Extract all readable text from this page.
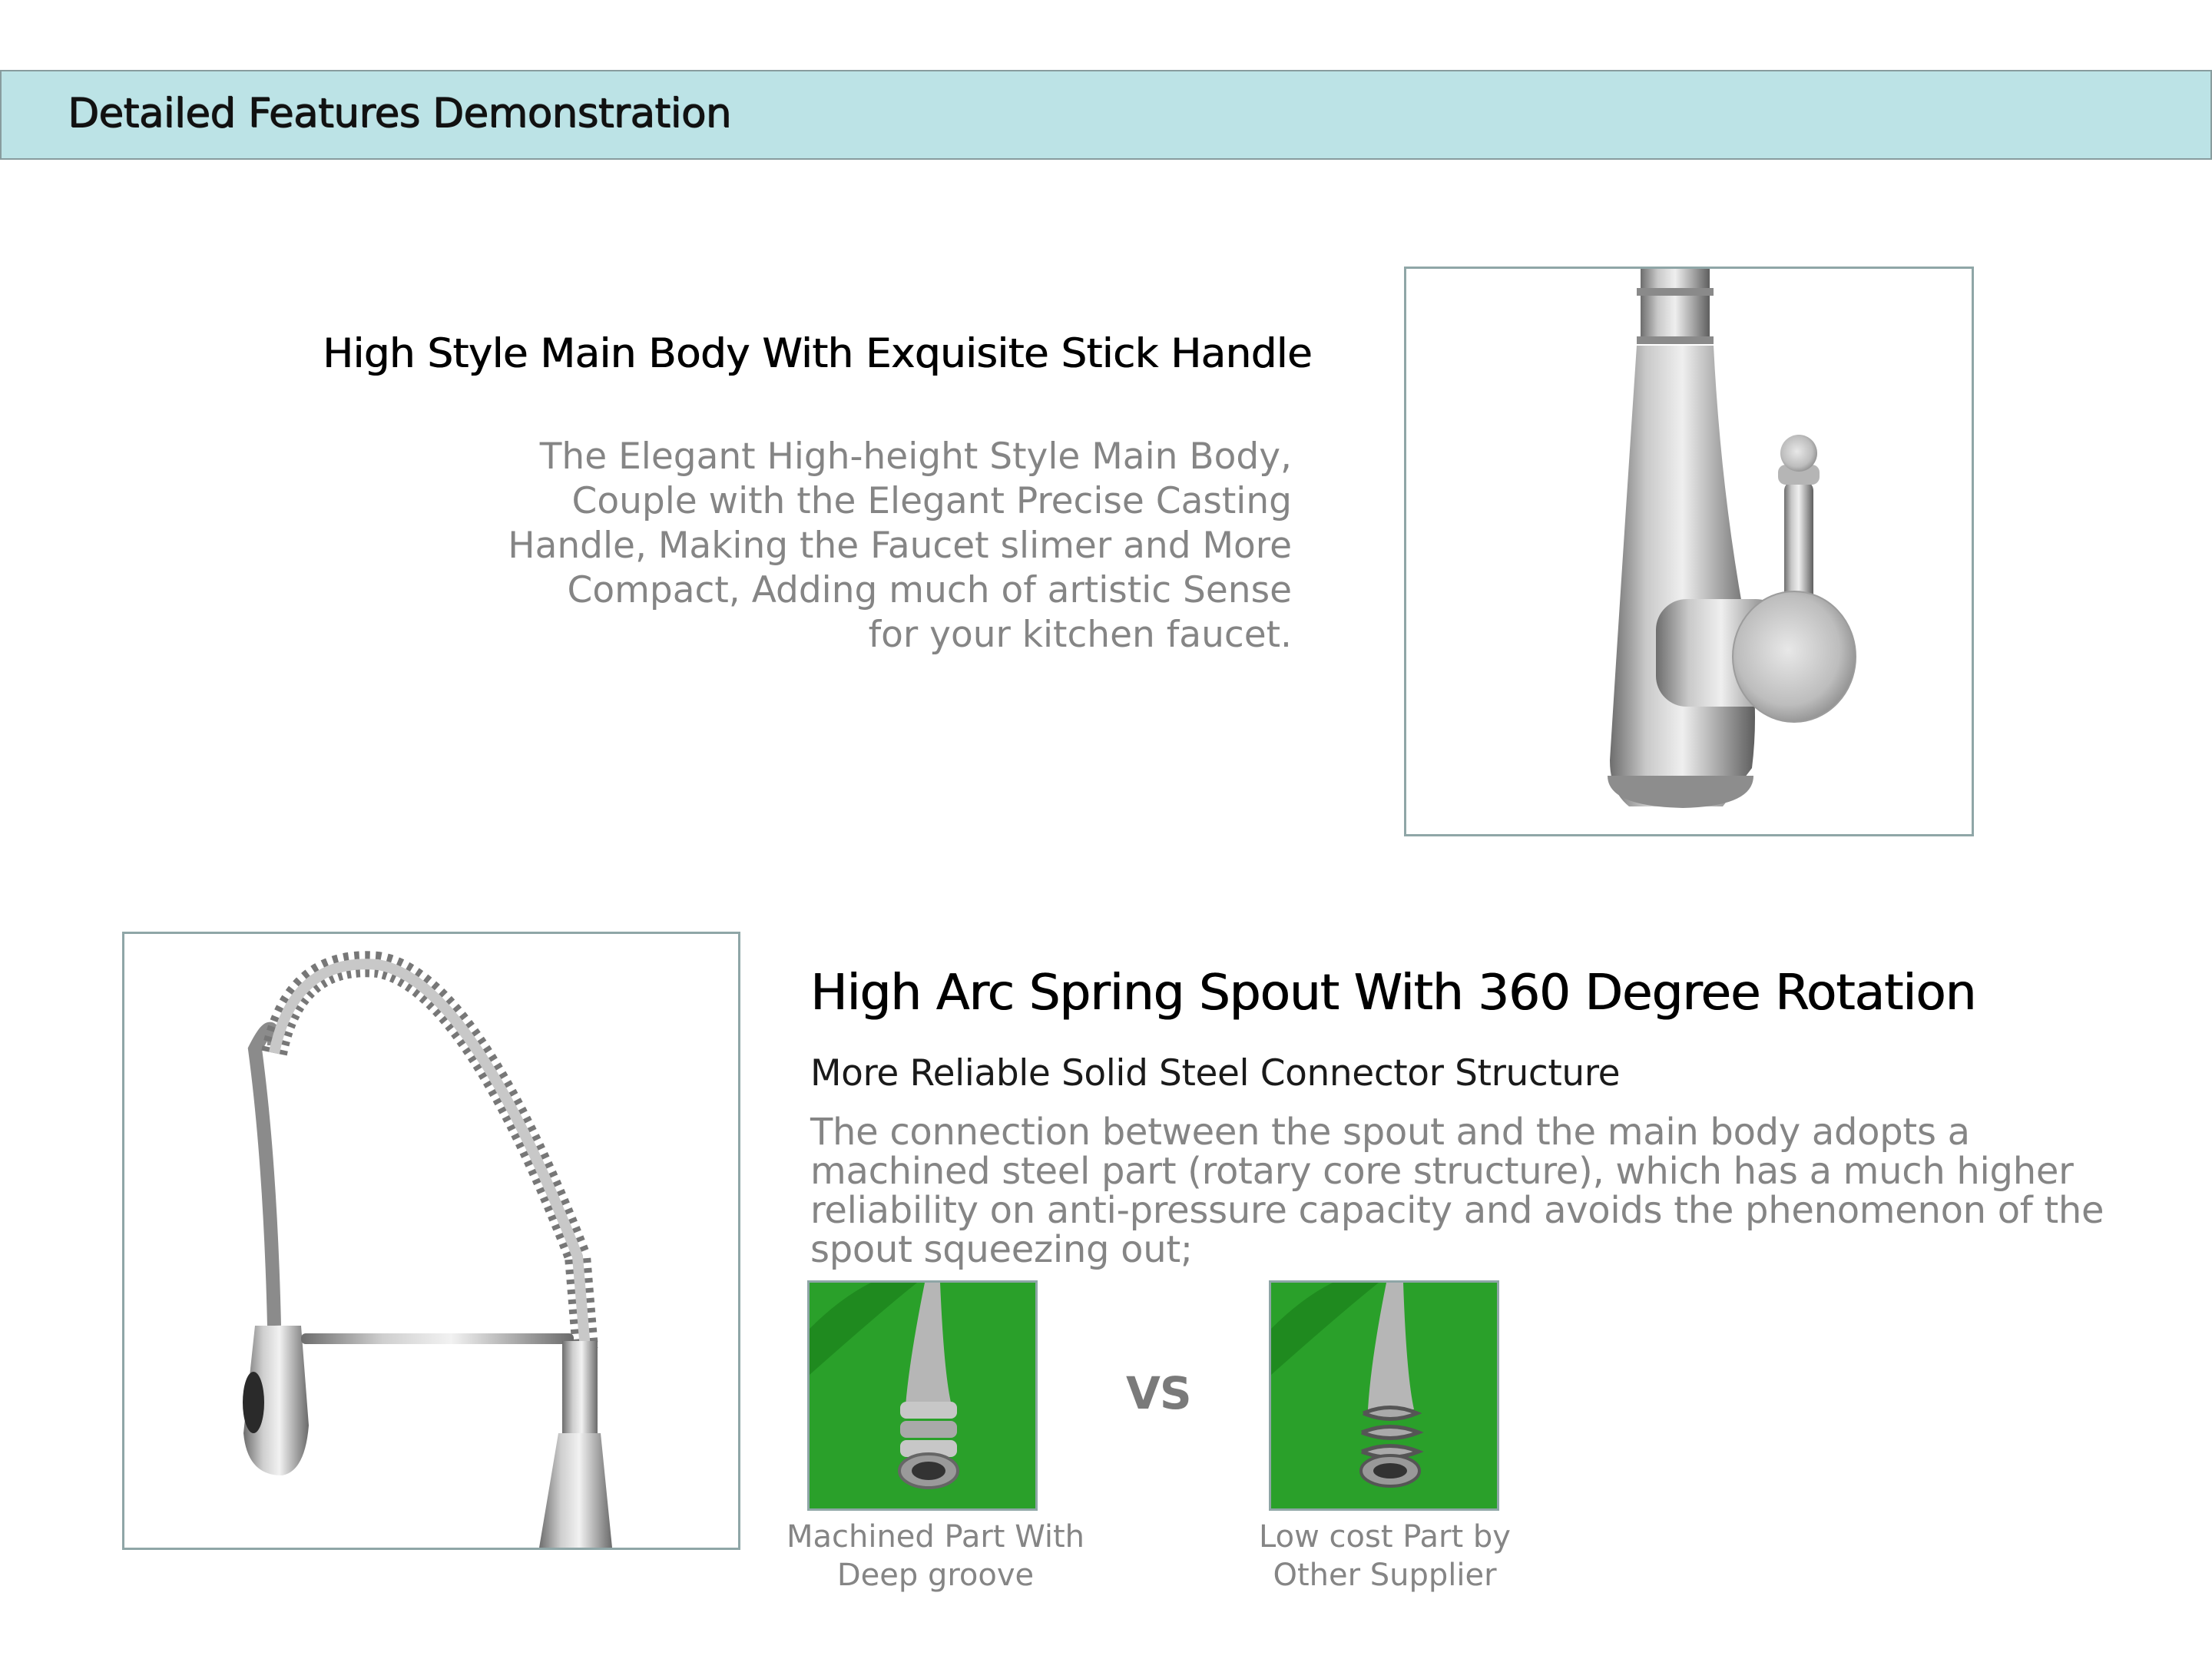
Detailed Features Demonstration
High Style Main Body With Exquisite Stick Handle

The Elegant High-height Style Main Body, Couple with the Elegant Precise Casting Handle, Making the Faucet slimer and More Compact, Adding much of artistic Sense for your kitchen faucet.

High Arc Spring Spout With 360 Degree Rotation
More Reliable Solid Steel Connector Structure

The connection between the spout and the main body adopts a machined steel part (rotary core structure), which has a much higher reliability on anti-pressure capacity and avoids the phenomenon of the spout squeezing out;

VS

Machined Part With Deep groove

Low cost Part by Other Supplier
